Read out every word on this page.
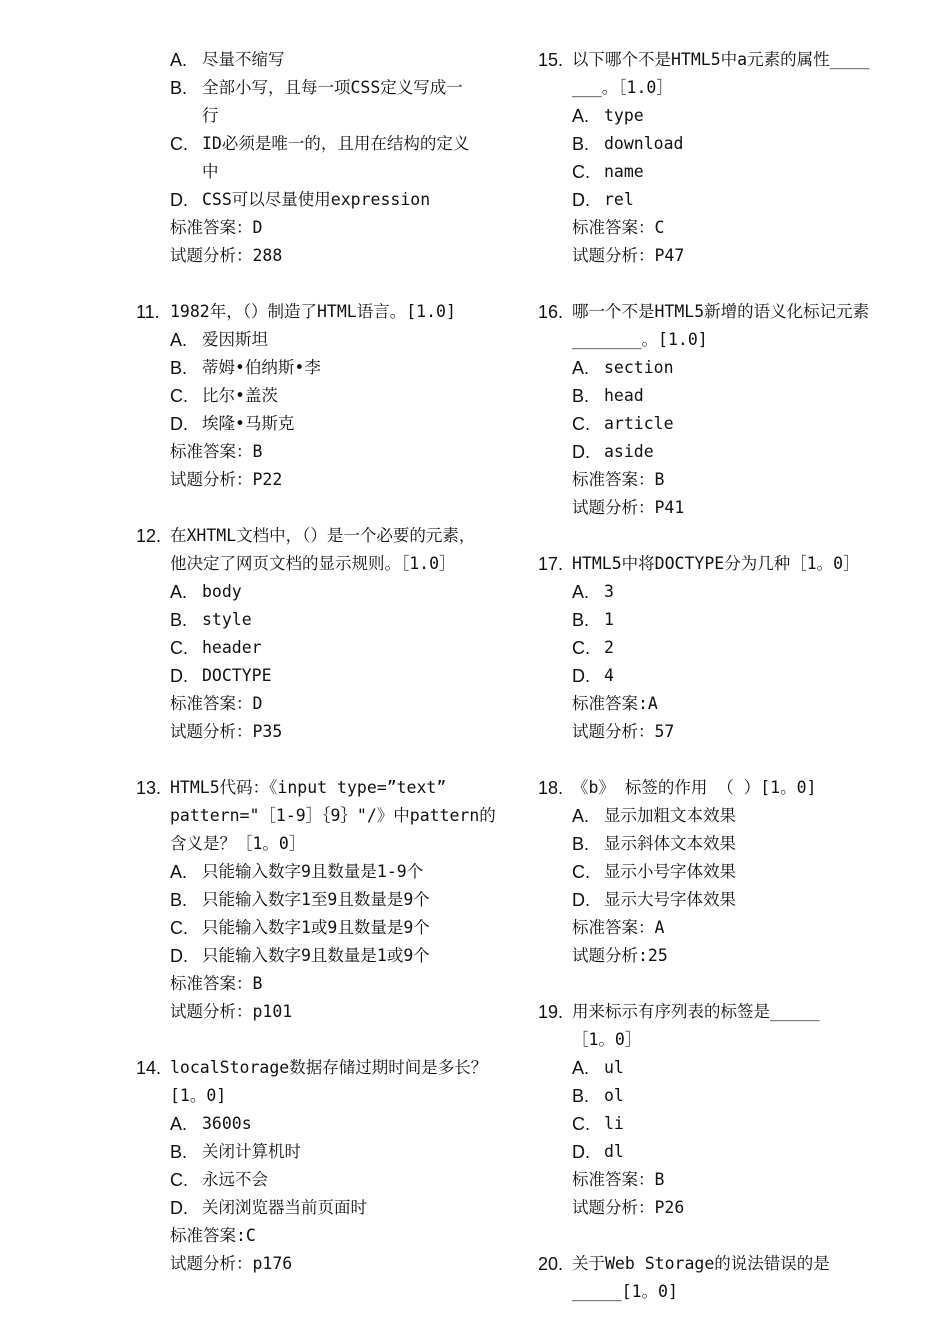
A. 尽量不缩写
B. 全部小写，且每一项CSS定义写成一
行
C. ID必须是唯一的，且用在结构的定义
中
D. CSS可以尽量使用expression
标准答案：D
试题分析：288
11. 1982年，（）制造了HTML语言。[1.0]
A. 爱因斯坦
B. 蒂姆•伯纳斯•李
C. 比尔•盖茨
D. 埃隆•马斯克
标准答案：B
试题分析：P22
12. 在XHTML文档中，（）是一个必要的元素，
他决定了网页文档的显示规则。［1.0］
A. body
B. style
C. header
D. DOCTYPE
标准答案：D
试题分析：P35
13. HTML5代码：《input type=”text”
pattern="［1-9］｛9｝"/》中pattern的
含义是？［1。0］
A. 只能输入数字9且数量是1-9个
B. 只能输入数字1至9且数量是9个
C. 只能输入数字1或9且数量是9个
D. 只能输入数字9且数量是1或9个
标准答案：B
试题分析：p101
14. localStorage数据存储过期时间是多长？
[1。0]
A. 3600s
B. 关闭计算机时
C. 永远不会
D. 关闭浏览器当前页面时
标准答案:C
试题分析：p176
15. 以下哪个不是HTML5中a元素的属性____
___。［1.0］
A. type
B. download
C. name
D. rel
标准答案：C
试题分析：P47
16. 哪一个不是HTML5新增的语义化标记元素
_______。[1.0]
A. section
B. head
C. article
D. aside
标准答案：B
试题分析：P41
17. HTML5中将DOCTYPE分为几种［1。0］
A. 3
B. 1
C. 2
D. 4
标准答案:A
试题分析：57
18. 《b》 标签的作用 （ ）[1。0]
A. 显示加粗文本效果
B. 显示斜体文本效果
C. 显示小号字体效果
D. 显示大号字体效果
标准答案：A
试题分析:25
19. 用来标示有序列表的标签是_____
［1。0］
A. ul
B. ol
C. li
D. dl
标准答案：B
试题分析：P26
20. 关于Web Storage的说法错误的是
_____[1。0]
